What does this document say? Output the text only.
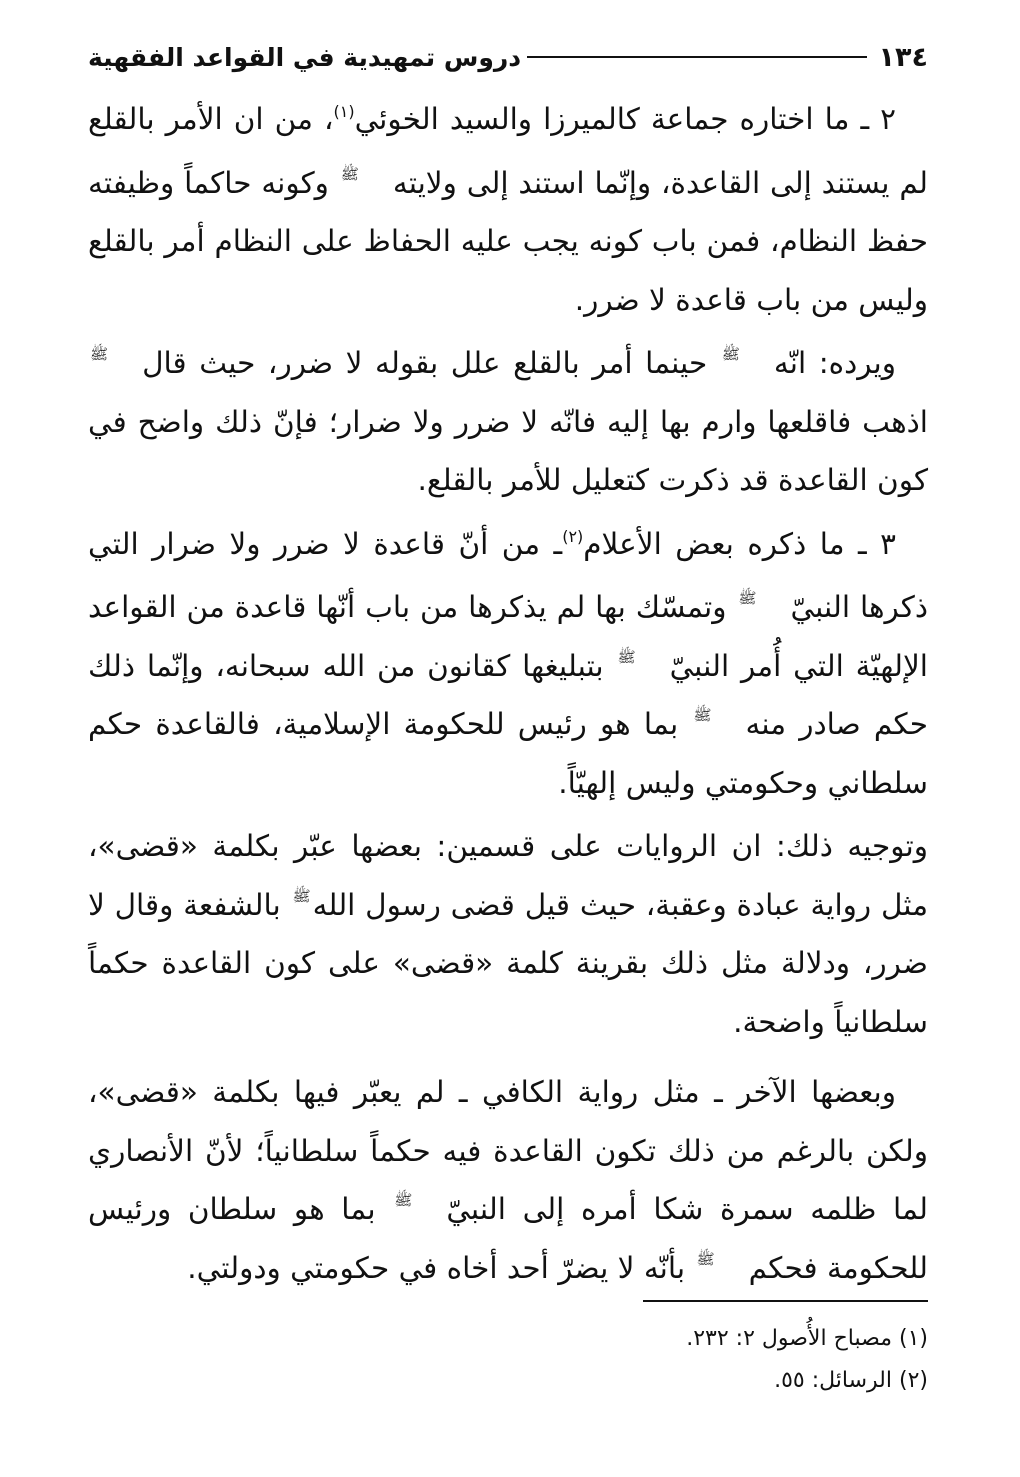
١٣٤
دروس تمهيدية في القواعد الفقهية

٢ ـ ما اختاره جماعة كالميرزا والسيد الخوئي$^{(١)}$، من ان الأمر بالقلع لم يستند إلى القاعدة، وإنّما استند إلى ولايتهﷺ وكونه حاكماً وظيفته حفظ النظام، فمن باب كونه يجب عليه الحفاظ على النظام أمر بالقلع وليس من باب قاعدة لا ضرر.

ويرده: انّهﷺ حينما أمر بالقلع علل بقوله لا ضرر، حيث قالﷺ اذهب فاقلعها وارم بها إليه فانّه لا ضرر ولا ضرار؛ فإنّ ذلك واضح في كون القاعدة قد ذكرت كتعليل للأمر بالقلع.

٣ ـ ما ذكره بعض الأعلام$^{(٢)}$ـ من أنّ قاعدة لا ضرر ولا ضرار التي ذكرها النبيّﷺ وتمسّك بها لم يذكرها من باب أنّها قاعدة من القواعد الإلهيّة التي أُمر النبيّﷺ بتبليغها كقانون من الله سبحانه، وإنّما ذلك حكم صادر منهﷺ بما هو رئيس للحكومة الإسلامية، فالقاعدة حكم سلطاني وحكومتي وليس إلهيّاً.

وتوجيه ذلك: ان الروايات على قسمين: بعضها عبّر بكلمة «قضى»، مثل رواية عبادة وعقبة، حيث قيل قضى رسول اللهﷺ بالشفعة وقال لا ضرر، ودلالة مثل ذلك بقرينة كلمة «قضى» على كون القاعدة حكماً سلطانياً واضحة.

وبعضها الآخر ـ مثل رواية الكافي ـ لم يعبّر فيها بكلمة «قضى»، ولكن بالرغم من ذلك تكون القاعدة فيه حكماً سلطانياً؛ لأنّ الأنصاري لما ظلمه سمرة شكا أمره إلى النبيّﷺ بما هو سلطان ورئيس للحكومة فحكمﷺ بأنّه لا يضرّ أحد أخاه في حكومتي ودولتي.

(١) مصباح الأُصول ٢: ٢٣٢.

(٢) الرسائل: ٥٥.
